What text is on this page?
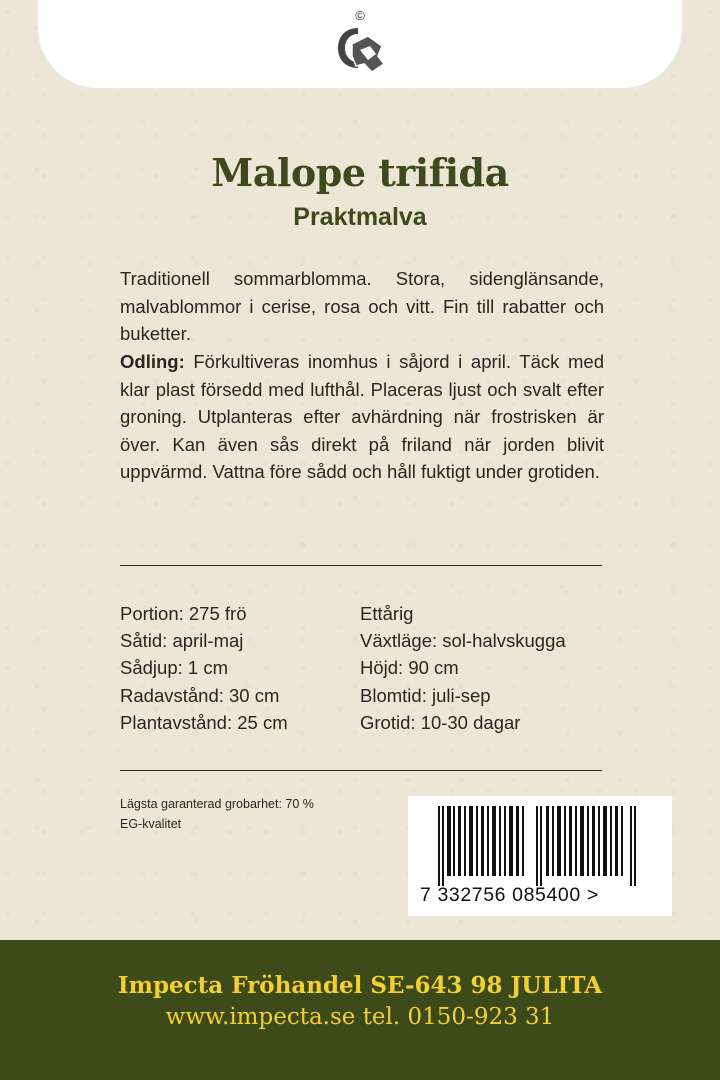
©
Malope trifida
Praktmalva
Traditionell sommarblomma. Stora, sidenglänsande, malvablommor i cerise, rosa och vitt. Fin till rabatter och buketter.
Odling: Förkultiveras inomhus i såjord i april. Täck med klar plast försedd med lufthål. Placeras ljust och svalt efter groning. Utplanteras efter avhärdning när frostrisken är över. Kan även sås direkt på friland när jorden blivit uppvärmd. Vattna före sådd och håll fuktigt under grotiden.
Portion: 275 frö
Såtid: april-maj
Sådjup: 1 cm
Radavstånd: 30 cm
Plantavstånd: 25 cm
Ettårig
Växtläge: sol-halvskugga
Höjd: 90 cm
Blomtid: juli-sep
Grotid: 10-30 dagar
Lägsta garanterad grobarhet: 70 %
EG-kvalitet
7 332756 085400 >
Impecta Fröhandel SE-643 98 JULITA
www.impecta.se tel. 0150-923 31
